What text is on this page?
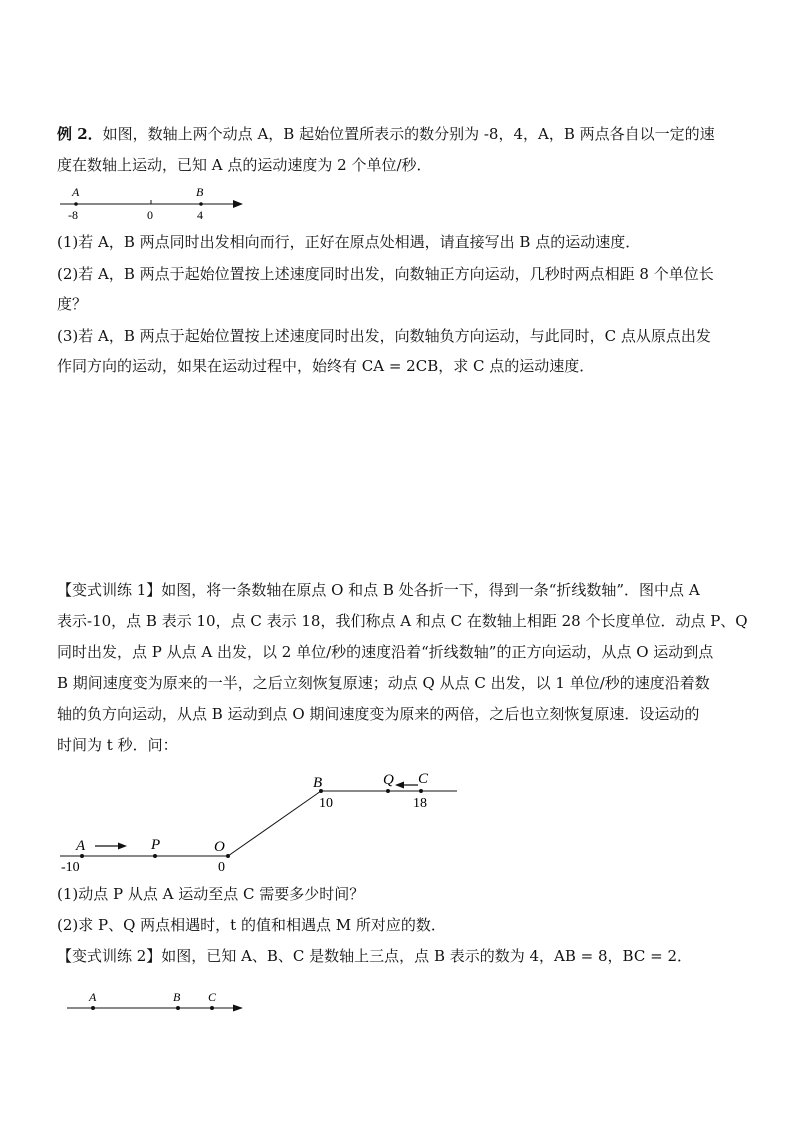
例 2．如图，数轴上两个动点 A，B 起始位置所表示的数分别为 -8，4，A，B 两点各自以一定的速
度在数轴上运动，已知 A 点的运动速度为 2 个单位/秒．
A	B
-8	0	4
(1)若 A，B 两点同时出发相向而行，正好在原点处相遇，请直接写出 B 点的运动速度．
(2)若 A，B 两点于起始位置按上述速度同时出发，向数轴正方向运动，几秒时两点相距 8 个单位长
度？
(3)若 A，B 两点于起始位置按上述速度同时出发，向数轴负方向运动，与此同时，C 点从原点出发
作同方向的运动，如果在运动过程中，始终有 CA = 2CB，求 C 点的运动速度．
【变式训练 1】如图，将一条数轴在原点 O 和点 B 处各折一下，得到一条“折线数轴”．图中点 A
表示-10，点 B 表示 10，点 C 表示 18，我们称点 A 和点 C 在数轴上相距 28 个长度单位．动点 P、Q
同时出发，点 P 从点 A 出发，以 2 单位/秒的速度沿着“折线数轴”的正方向运动，从点 O 运动到点
B 期间速度变为原来的一半，之后立刻恢复原速；动点 Q 从点 C 出发，以 1 单位/秒的速度沿着数
轴的负方向运动，从点 B 运动到点 O 期间速度变为原来的两倍，之后也立刻恢复原速．设运动的
时间为 t 秒．问：
A	P	O
B	Q C
-10	0
10	18
(1)动点 P 从点 A 运动至点 C 需要多少时间？
(2)求 P、Q 两点相遇时，t 的值和相遇点 M 所对应的数．
【变式训练 2】如图，已知 A、B、C 是数轴上三点，点 B 表示的数为 4，AB = 8，BC = 2．
A	B C
